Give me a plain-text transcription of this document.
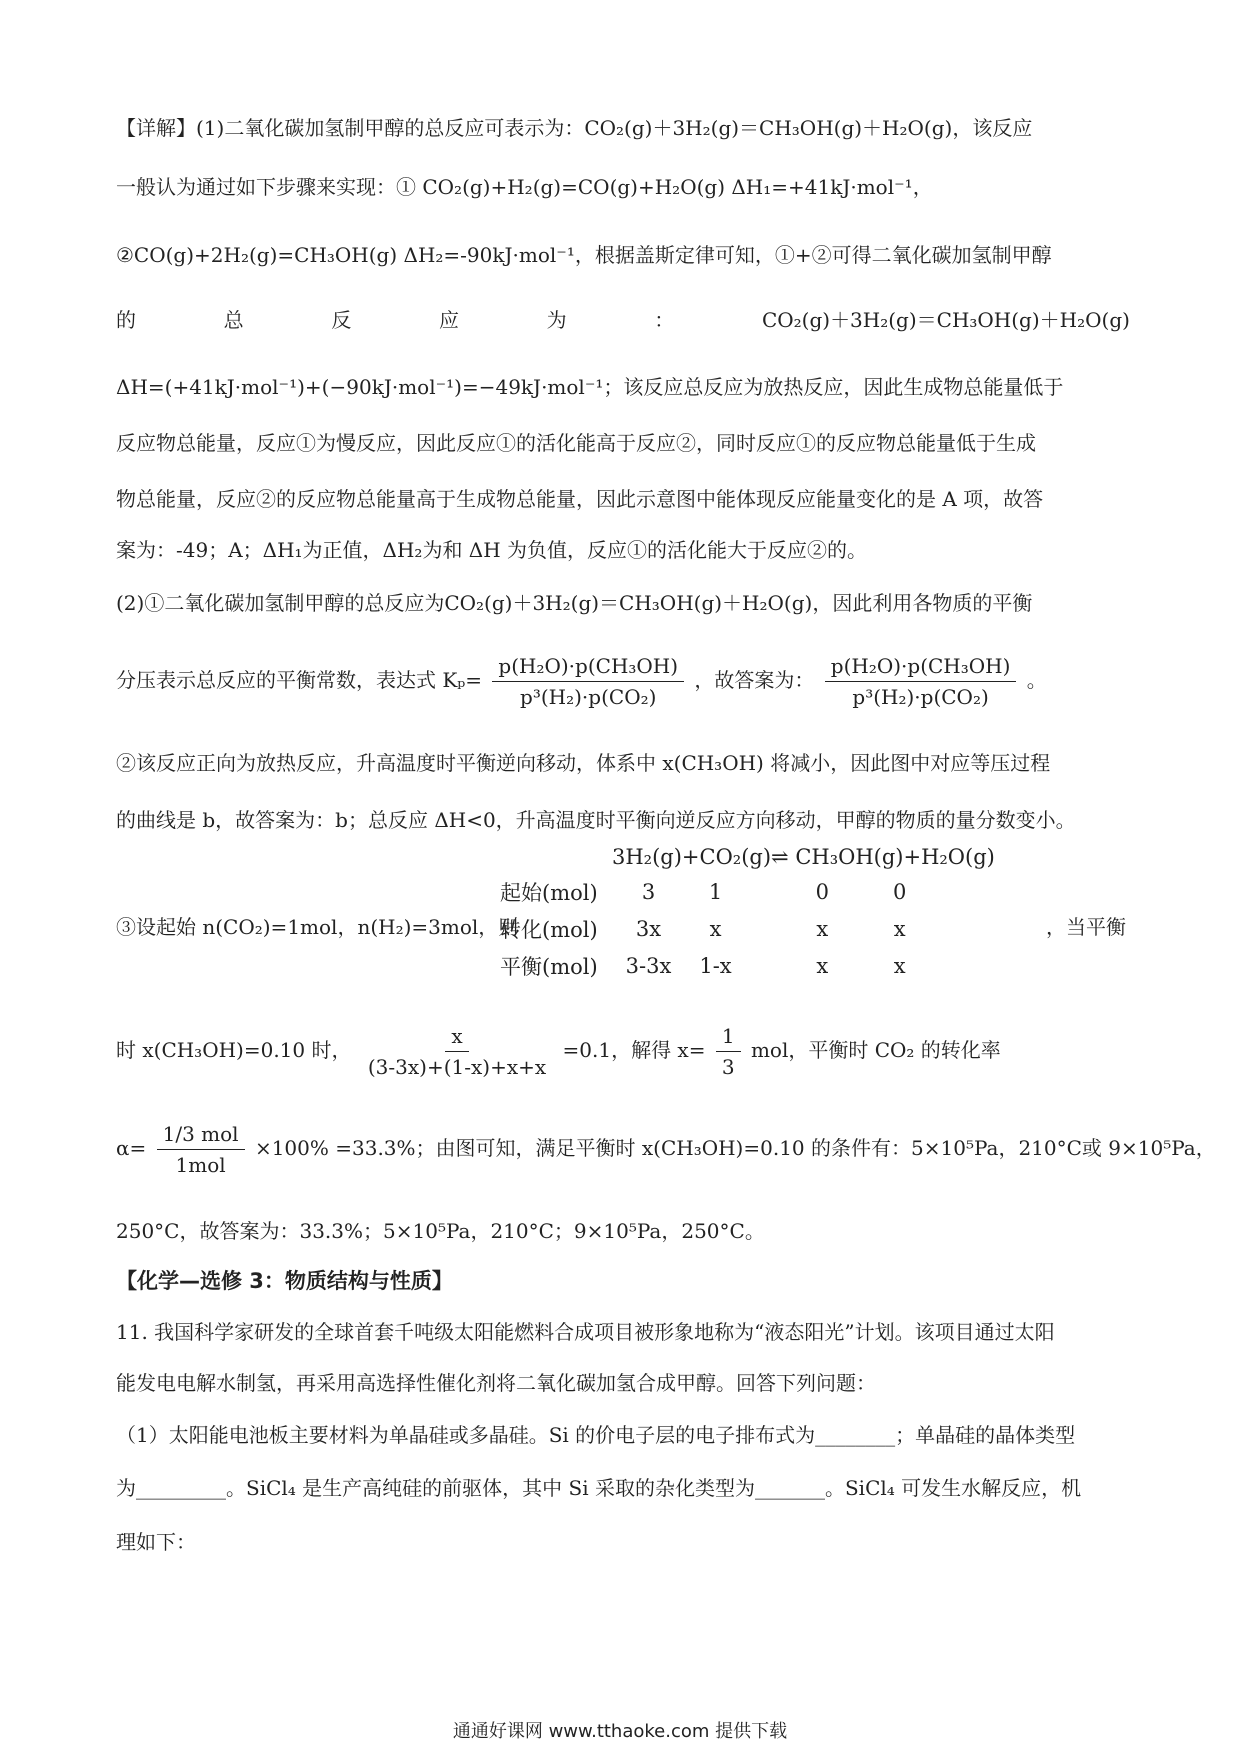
【详解】(1)二氧化碳加氢制甲醇的总反应可表示为：CO₂(g)＋3H₂(g)＝CH₃OH(g)＋H₂O(g)，该反应
一般认为通过如下步骤来实现：① CO₂(g)+H₂(g)=CO(g)+H₂O(g) ΔH₁=+41kJ·mol⁻¹，
②CO(g)+2H₂(g)=CH₃OH(g) ΔH₂=-90kJ·mol⁻¹，根据盖斯定律可知，①+②可得二氧化碳加氢制甲醇
的	总	反	应	为	：	CO₂(g)＋3H₂(g)＝CH₃OH(g)＋H₂O(g)
ΔH=(+41kJ·mol⁻¹)+(−90kJ·mol⁻¹)=−49kJ·mol⁻¹；该反应总反应为放热反应，因此生成物总能量低于
反应物总能量，反应①为慢反应，因此反应①的活化能高于反应②，同时反应①的反应物总能量低于生成
物总能量，反应②的反应物总能量高于生成物总能量，因此示意图中能体现反应能量变化的是 A 项，故答
案为：-49；A；ΔH₁为正值，ΔH₂为和 ΔH 为负值，反应①的活化能大于反应②的。
(2)①二氧化碳加氢制甲醇的总反应为CO₂(g)＋3H₂(g)＝CH₃OH(g)＋H₂O(g)，因此利用各物质的平衡
分压表示总反应的平衡常数，表达式 $K_p= \frac{\text{p(H₂O)·p(CH₃OH)}}{\text{p³(H₂)·p(CO₂)}}$ ，故答案为： $\frac{\text{p(H₂O)·p(CH₃OH)}}{\text{p³(H₂)·p(CO₂)}}$ 。
②该反应正向为放热反应，升高温度时平衡逆向移动，体系中 x(CH₃OH) 将减小，因此图中对应等压过程
的曲线是 b，故答案为：b；总反应 ΔH<0，升高温度时平衡向逆反应方向移动，甲醇的物质的量分数变小。
3H₂(g)+CO₂(g)⇌ CH₃OH(g)+H₂O(g)
起始(mol)	3	1	0	0
转化(mol)	3x	x	x	x
平衡(mol)	3-3x	1-x	x	x
③设起始 n(CO₂)=1mol，n(H₂)=3mol，则	，当平衡
时 x(CH₃OH)=0.10 时， $\frac{x}{(3-3x)+(1-x)+x+x} =0.1$，解得 $x= \frac{1}{3}$ mol，平衡时 CO₂ 的转化率
$\alpha= \frac{\text{1/3 mol}}{\text{1mol}} \times 100\% =33.3\%$；由图可知，满足平衡时 x(CH₃OH)=0.10 的条件有：5×10⁵Pa，210°C或 9×10⁵Pa，
250°C，故答案为：33.3%；5×10⁵Pa，210°C；9×10⁵Pa，250°C。
【化学—选修 3：物质结构与性质】
11. 我国科学家研发的全球首套千吨级太阳能燃料合成项目被形象地称为“液态阳光”计划。该项目通过太阳
能发电电解水制氢，再采用高选择性催化剂将二氧化碳加氢合成甲醇。回答下列问题：
（1）太阳能电池板主要材料为单晶硅或多晶硅。Si 的价电子层的电子排布式为________；单晶硅的晶体类型
为_________。SiCl₄ 是生产高纯硅的前驱体，其中 Si 采取的杂化类型为_______。SiCl₄ 可发生水解反应，机
理如下：
通通好课网 www.tthaoke.com 提供下载
